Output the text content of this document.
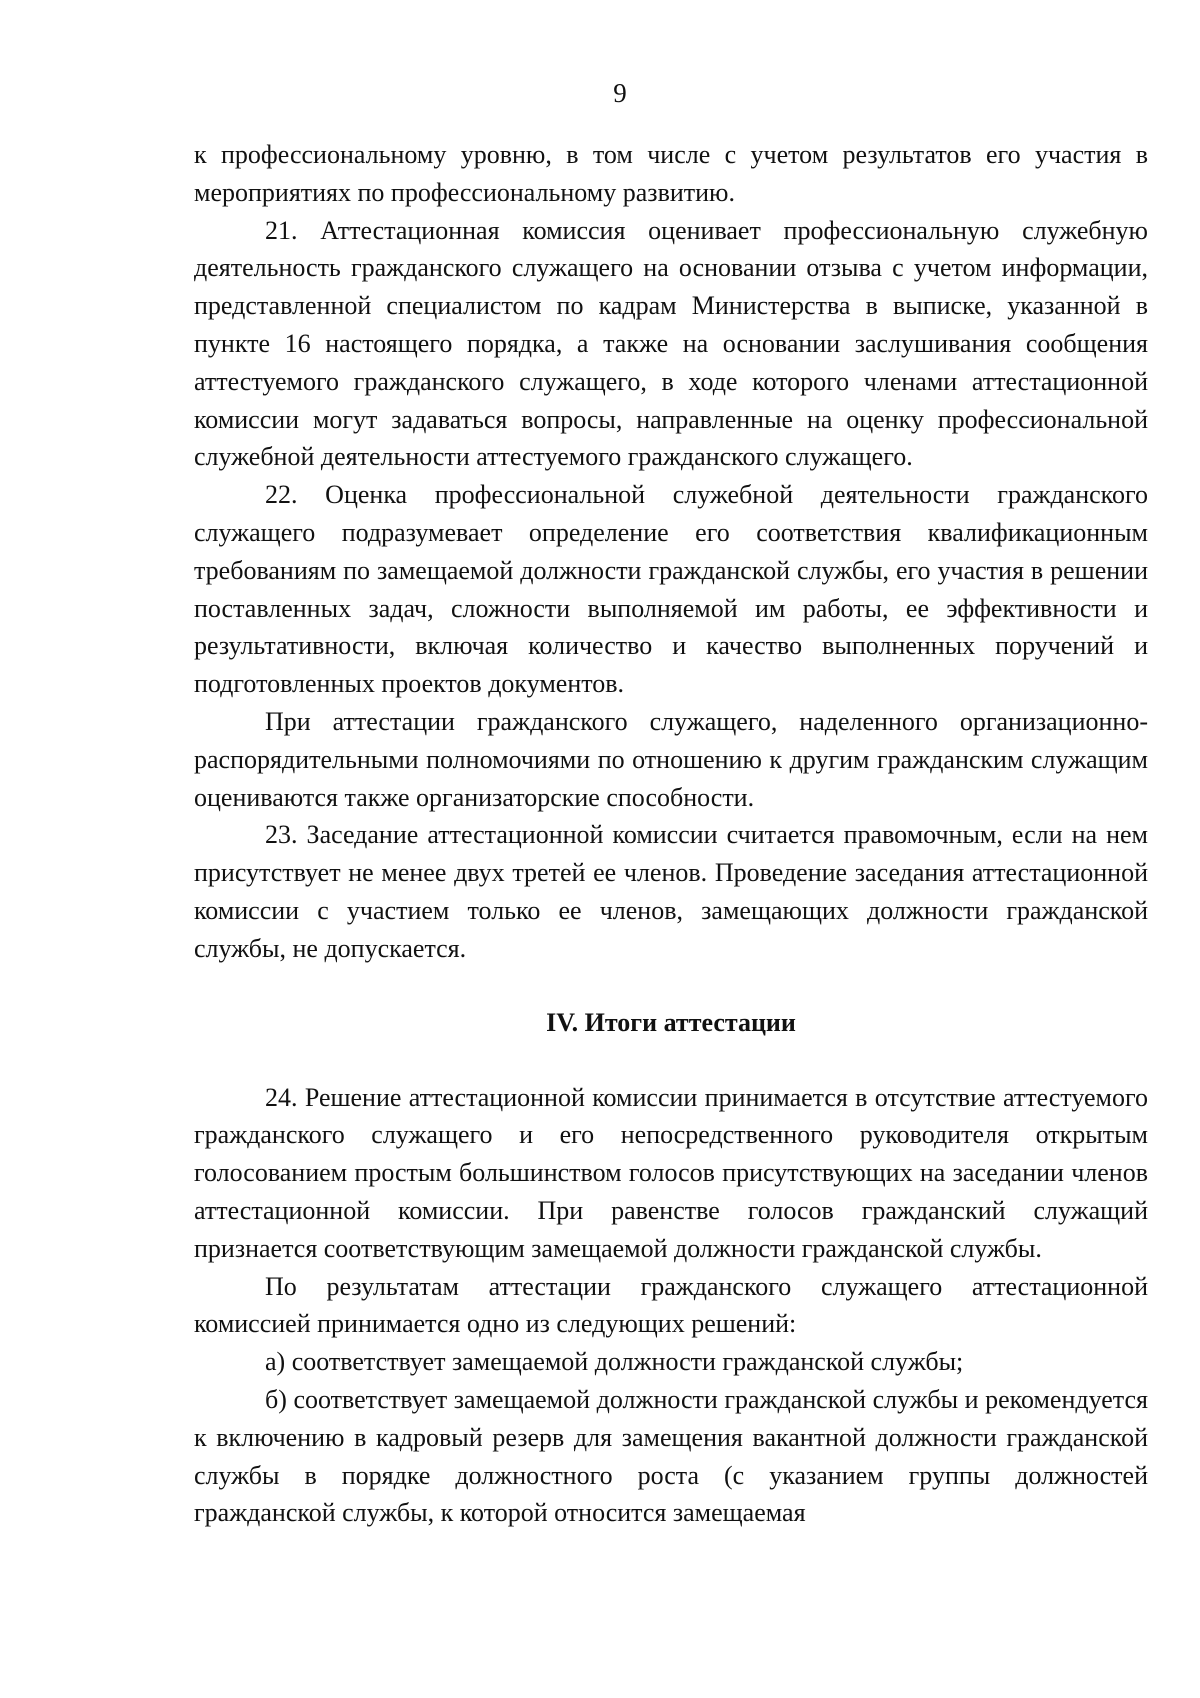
9

к профессиональному уровню, в том числе с учетом результатов его участия в мероприятиях по профессиональному развитию.

21. Аттестационная комиссия оценивает профессиональную служебную деятельность гражданского служащего на основании отзыва с учетом информации, представленной специалистом по кадрам Министерства в выписке, указанной в пункте 16 настоящего порядка, а также на основании заслушивания сообщения аттестуемого гражданского служащего, в ходе которого членами аттестационной комиссии могут задаваться вопросы, направленные на оценку профессиональной служебной деятельности аттестуемого гражданского служащего.

22. Оценка профессиональной служебной деятельности гражданского служащего подразумевает определение его соответствия квалификационным требованиям по замещаемой должности гражданской службы, его участия в решении поставленных задач, сложности выполняемой им работы, ее эффективности и результативности, включая количество и качество выполненных поручений и подготовленных проектов документов.

При аттестации гражданского служащего, наделенного организационно-распорядительными полномочиями по отношению к другим гражданским служащим оцениваются также организаторские способности.

23. Заседание аттестационной комиссии считается правомочным, если на нем присутствует не менее двух третей ее членов. Проведение заседания аттестационной комиссии с участием только ее членов, замещающих должности гражданской службы, не допускается.

IV. Итоги аттестации

24. Решение аттестационной комиссии принимается в отсутствие аттестуемого гражданского служащего и его непосредственного руководителя открытым голосованием простым большинством голосов присутствующих на заседании членов аттестационной комиссии. При равенстве голосов гражданский служащий признается соответствующим замещаемой должности гражданской службы.

По результатам аттестации гражданского служащего аттестационной комиссией принимается одно из следующих решений:

а) соответствует замещаемой должности гражданской службы;

б) соответствует замещаемой должности гражданской службы и рекомендуется к включению в кадровый резерв для замещения вакантной должности гражданской службы в порядке должностного роста (с указанием группы должностей гражданской службы, к которой относится замещаемая
